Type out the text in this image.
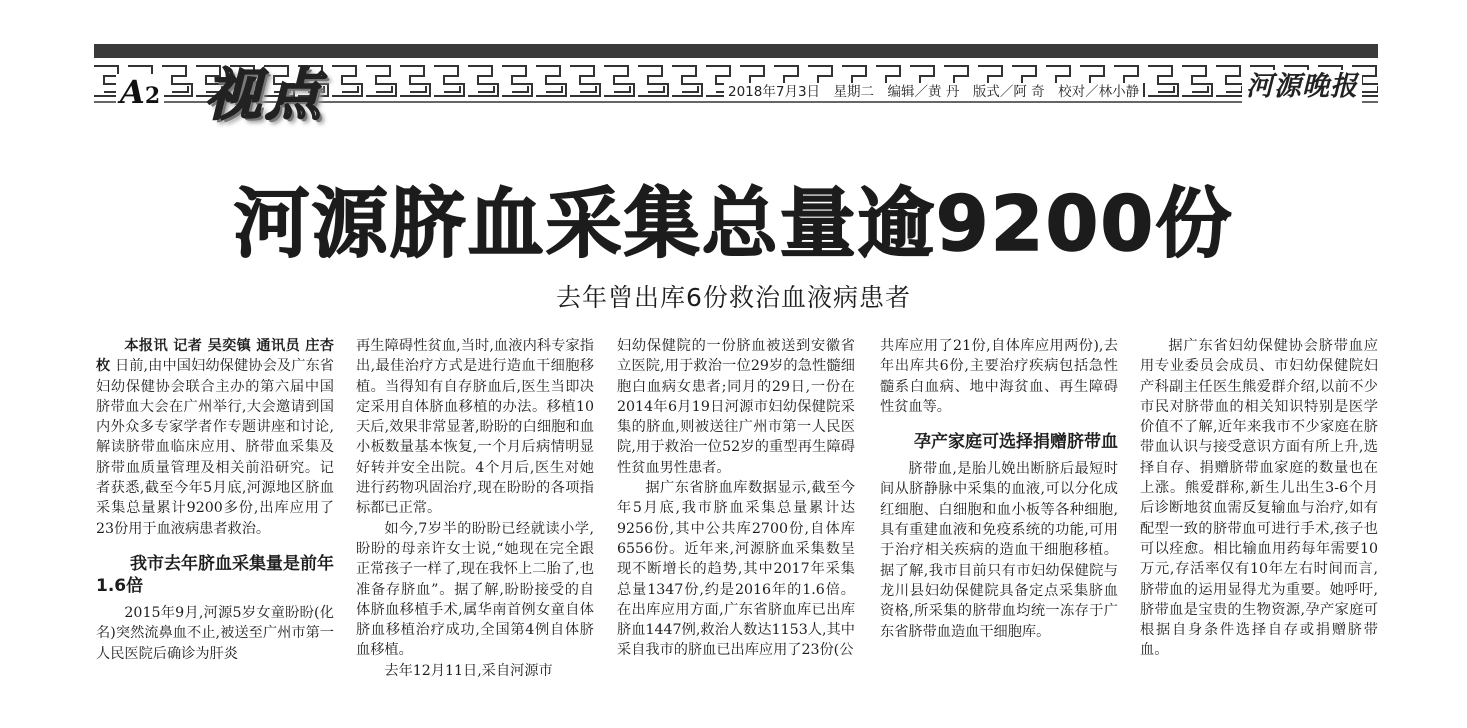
A2 视点	2018年7月3日　星期二　编辑／黄 丹　版式／阿 奇　校对／林小静	河源晚报
河源脐血采集总量逾9200份
去年曾出库6份救治血液病患者

本报讯 记者 吴奕镇 通讯员 庄杏枚 日前,由中国妇幼保健协会及广东省妇幼保健协会联合主办的第六届中国脐带血大会在广州举行,大会邀请到国内外众多专家学者作专题讲座和讨论,解读脐带血临床应用、脐带血采集及脐带血质量管理及相关前沿研究。记者获悉,截至今年5月底,河源地区脐血采集总量累计9200多份,出库应用了23份用于血液病患者救治。

我市去年脐血采集量是前年1.6倍

2015年9月,河源5岁女童盼盼(化名)突然流鼻血不止,被送至广州市第一人民医院后确诊为肝炎

再生障碍性贫血,当时,血液内科专家指出,最佳治疗方式是进行造血干细胞移植。当得知有自存脐血后,医生当即决定采用自体脐血移植的办法。移植10天后,效果非常显著,盼盼的白细胞和血小板数量基本恢复,一个月后病情明显好转并安全出院。4个月后,医生对她进行药物巩固治疗,现在盼盼的各项指标都已正常。

如今,7岁半的盼盼已经就读小学,盼盼的母亲许女士说,“她现在完全跟正常孩子一样了,现在我怀上二胎了,也准备存脐血”。据了解,盼盼接受的自体脐血移植手术,属华南首例女童自体脐血移植治疗成功,全国第4例自体脐血移植。

去年12月11日,采自河源市

妇幼保健院的一份脐血被送到安徽省立医院,用于救治一位29岁的急性髓细胞白血病女患者;同月的29日,一份在2014年6月19日河源市妇幼保健院采集的脐血,则被送往广州市第一人民医院,用于救治一位52岁的重型再生障碍性贫血男性患者。

据广东省脐血库数据显示,截至今年5月底,我市脐血采集总量累计达9256份,其中公共库2700份,自体库6556份。近年来,河源脐血采集数呈现不断增长的趋势,其中2017年采集总量1347份,约是2016年的1.6倍。在出库应用方面,广东省脐血库已出库脐血1447例,救治人数达1153人,其中采自我市的脐血已出库应用了23份(公

共库应用了21份,自体库应用两份),去年出库共6份,主要治疗疾病包括急性髓系白血病、地中海贫血、再生障碍性贫血等。

孕产家庭可选择捐赠脐带血

脐带血,是胎儿娩出断脐后最短时间从脐静脉中采集的血液,可以分化成红细胞、白细胞和血小板等各种细胞,具有重建血液和免疫系统的功能,可用于治疗相关疾病的造血干细胞移植。据了解,我市目前只有市妇幼保健院与龙川县妇幼保健院具备定点采集脐血资格,所采集的脐带血均统一冻存于广东省脐带血造血干细胞库。

据广东省妇幼保健协会脐带血应用专业委员会成员、市妇幼保健院妇产科副主任医生熊爱群介绍,以前不少市民对脐带血的相关知识特别是医学价值不了解,近年来我市不少家庭在脐带血认识与接受意识方面有所上升,选择自存、捐赠脐带血家庭的数量也在上涨。熊爱群称,新生儿出生3-6个月后诊断地贫血需反复输血与治疗,如有配型一致的脐带血可进行手术,孩子也可以痊愈。相比输血用药每年需要10万元,存活率仅有10年左右时间而言,脐带血的运用显得尤为重要。她呼吁,脐带血是宝贵的生物资源,孕产家庭可根据自身条件选择自存或捐赠脐带血。
